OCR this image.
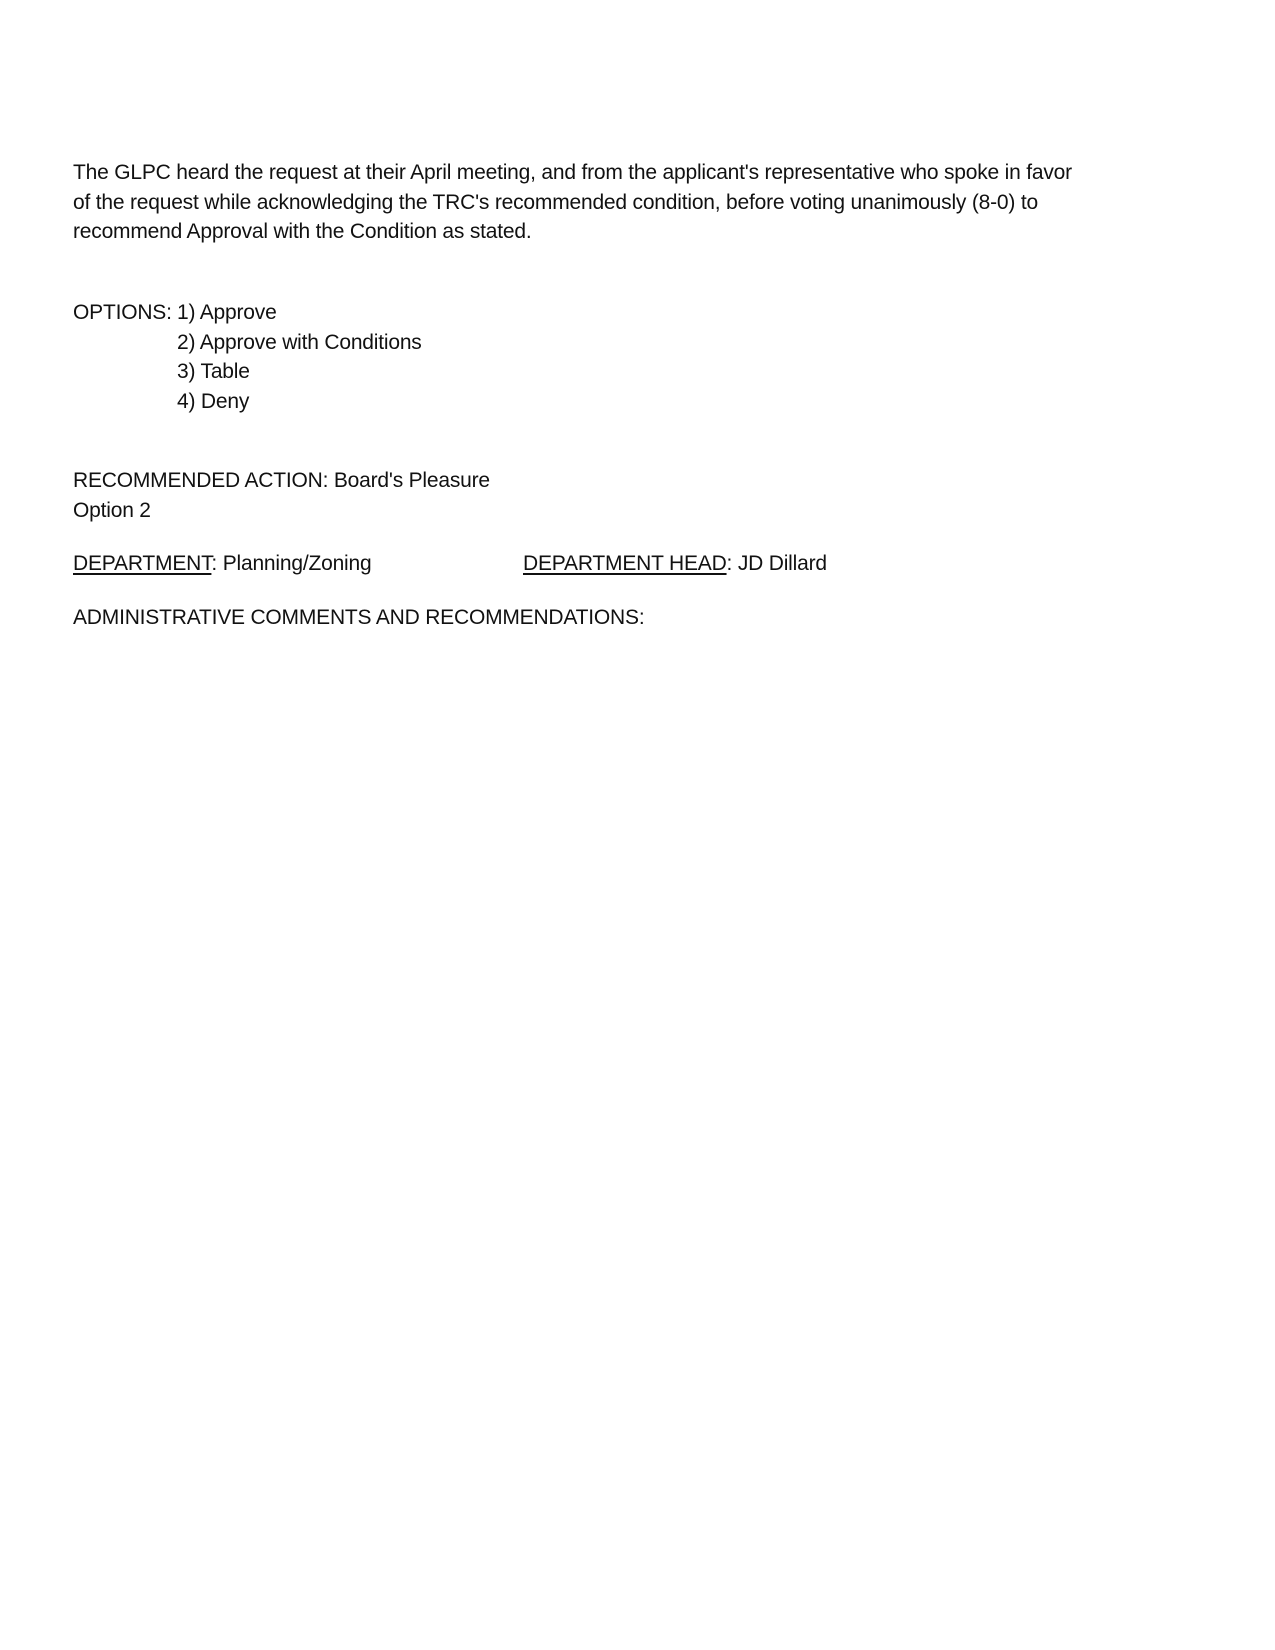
The GLPC heard the request at their April meeting, and from the applicant's representative who spoke in favor
of the request while acknowledging the TRC's recommended condition, before voting unanimously (8-0) to
recommend Approval with the Condition as stated.
OPTIONS: 1) Approve
2) Approve with Conditions
3) Table
4) Deny
RECOMMENDED ACTION: Board's Pleasure
Option 2
DEPARTMENT: Planning/Zoning	DEPARTMENT HEAD: JD Dillard
ADMINISTRATIVE COMMENTS AND RECOMMENDATIONS:
